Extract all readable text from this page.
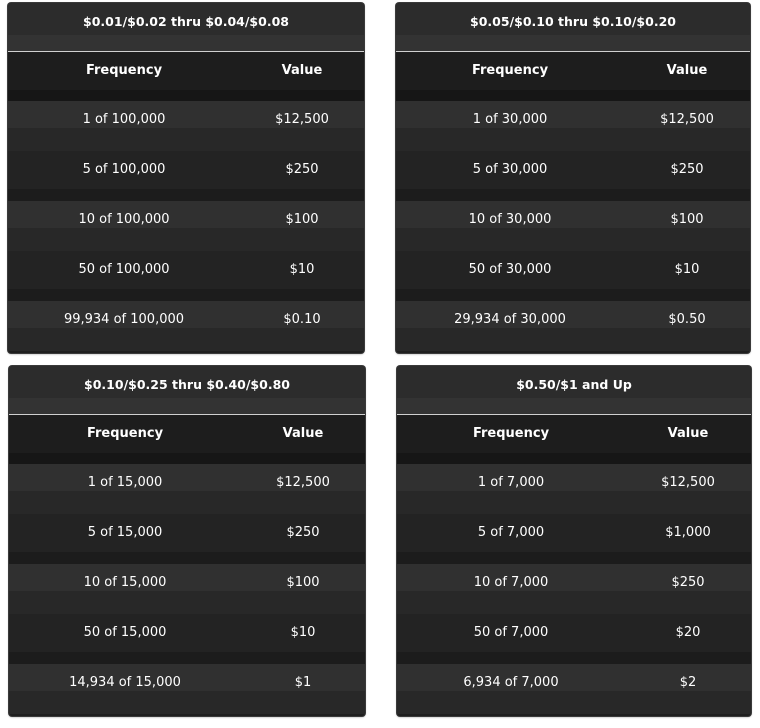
$0.01/$0.02 thru $0.04/$0.08
Frequency	Value
1 of 100,000	$12,500
5 of 100,000	$250
10 of 100,000	$100
50 of 100,000	$10
99,934 of 100,000	$0.10
$0.05/$0.10 thru $0.10/$0.20
Frequency	Value
1 of 30,000	$12,500
5 of 30,000	$250
10 of 30,000	$100
50 of 30,000	$10
29,934 of 30,000	$0.50
$0.10/$0.25 thru $0.40/$0.80
Frequency	Value
1 of 15,000	$12,500
5 of 15,000	$250
10 of 15,000	$100
50 of 15,000	$10
14,934 of 15,000	$1
$0.50/$1 and Up
Frequency	Value
1 of 7,000	$12,500
5 of 7,000	$1,000
10 of 7,000	$250
50 of 7,000	$20
6,934 of 7,000	$2
